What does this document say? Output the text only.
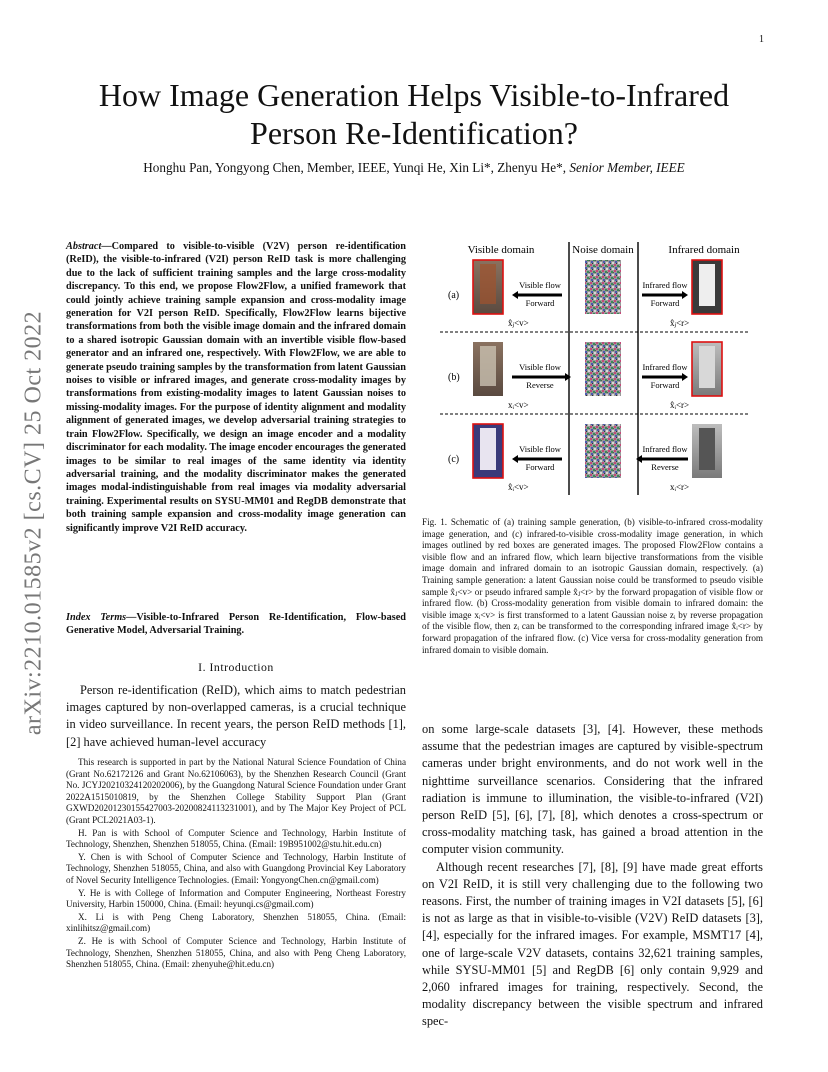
1
arXiv:2210.01585v2 [cs.CV] 25 Oct 2022
How Image Generation Helps Visible-to-Infrared
Person Re-Identification?
Honghu Pan, Yongyong Chen, Member, IEEE, Yunqi He, Xin Li*, Zhenyu He*, Senior Member, IEEE
Abstract—Compared to visible-to-visible (V2V) person re-identification (ReID), the visible-to-infrared (V2I) person ReID task is more challenging due to the lack of sufficient training samples and the large cross-modality discrepancy. To this end, we propose Flow2Flow, a unified framework that could jointly achieve training sample expansion and cross-modality image generation for V2I person ReID. Specifically, Flow2Flow learns bijective transformations from both the visible image domain and the infrared domain to a shared isotropic Gaussian domain with an invertible visible flow-based generator and an infrared one, respectively. With Flow2Flow, we are able to generate pseudo training samples by the transformation from latent Gaussian noises to visible or infrared images, and generate cross-modality images by transformations from existing-modality images to latent Gaussian noises to missing-modality images. For the purpose of identity alignment and modality alignment of generated images, we develop adversarial training strategies to train Flow2Flow. Specifically, we design an image encoder and a modality discriminator for each modality. The image encoder encourages the generated images to be similar to real images of the same identity via identity adversarial training, and the modality discriminator makes the generated images modal-indistinguishable from real images via modality adversarial training. Experimental results on SYSU-MM01 and RegDB demonstrate that both training sample expansion and cross-modality image generation can significantly improve V2I ReID accuracy.
Index Terms—Visible-to-Infrared Person Re-Identification, Flow-based Generative Model, Adversarial Training.
I. Introduction
Person re-identification (ReID), which aims to match pedestrian images captured by non-overlapped cameras, is a crucial technique in video surveillance. In recent years, the person ReID methods [1], [2] have achieved human-level accuracy

This research is supported in part by the National Natural Science Foundation of China (Grant No.62172126 and Grant No.62106063), by the Shenzhen Research Council (Grant No. JCYJ20210324120202006), by the Guangdong Natural Science Foundation under Grant 2022A1515010819, by the Shenzhen College Stability Support Plan (Grant GXWD20201230155427003-20200824113231001), and by The Major Key Project of PCL (Grant PCL2021A03-1).

H. Pan is with School of Computer Science and Technology, Harbin Institute of Technology, Shenzhen, Shenzhen 518055, China. (Email: 19B951002@stu.hit.edu.cn)

Y. Chen is with School of Computer Science and Technology, Harbin Institute of Technology, Shenzhen 518055, China, and also with Guangdong Provincial Key Laboratory of Novel Security Intelligence Technologies. (Email: YongyongChen.cn@gmail.com)

Y. He is with College of Information and Computer Engineering, Northeast Forestry University, Harbin 150000, China. (Email: heyunqi.cs@gmail.com)

X. Li is with Peng Cheng Laboratory, Shenzhen 518055, China. (Email: xinlihitsz@gmail.com)

Z. He is with School of Computer Science and Technology, Harbin Institute of Technology, Shenzhen, Shenzhen 518055, China, and also with Peng Cheng Laboratory, Shenzhen 518055, China. (Email: zhenyuhe@hit.edu.cn)

Visible domain	Noise domain	Infrared domain
(a)
Visible flow
Forward
x̂ⱼ<v>
Infrared flow
Forward
x̂ⱼ<r>
(b)
Visible flow
Reverse
xᵢ<v>
Infrared flow
Forward
x̂ᵢ<r>
(c)
Visible flow
Forward
x̂ᵢ<v>
Infrared flow
Reverse
xᵢ<r>
Fig. 1. Schematic of (a) training sample generation, (b) visible-to-infrared cross-modality image generation, and (c) infrared-to-visible cross-modality image generation, in which images outlined by red boxes are generated images. The proposed Flow2Flow contains a visible flow and an infrared flow, which learn bijective transformations from the visible image domain and infrared domain to an isotropic Gaussian domain, respectively. (a) Training sample generation: a latent Gaussian noise could be transformed to pseudo visible sample x̂ⱼ<v> or pseudo infrared sample x̂ⱼ<r> by the forward propagation of visible flow or infrared flow. (b) Cross-modality generation from visible domain to infrared domain: the visible image xᵢ<v> is first transformed to a latent Gaussian noise zᵢ by reverse propagation of the visible flow, then zᵢ can be transformed to the corresponding infrared image x̂ᵢ<r> by forward propagation of the infrared flow. (c) Vice versa for cross-modality generation from infrared domain to visible domain.

on some large-scale datasets [3], [4]. However, these methods assume that the pedestrian images are captured by visible-spectrum cameras under bright environments, and do not work well in the nighttime surveillance scenarios. Considering that the infrared radiation is immune to illumination, the visible-to-infrared (V2I) person ReID [5], [6], [7], [8], which denotes a cross-spectrum or cross-modality matching task, has gained a broad attention in the computer vision community.

Although recent researches [7], [8], [9] have made great efforts on V2I ReID, it is still very challenging due to the following two reasons. First, the number of training images in V2I datasets [5], [6] is not as large as that in visible-to-visible (V2V) ReID datasets [3], [4], especially for the infrared images. For example, MSMT17 [4], one of large-scale V2V datasets, contains 32,621 training samples, while SYSU-MM01 [5] and RegDB [6] only contain 9,929 and 2,060 infrared images for training, respectively. Second, the modality discrepancy between the visible spectrum and infrared spec-
